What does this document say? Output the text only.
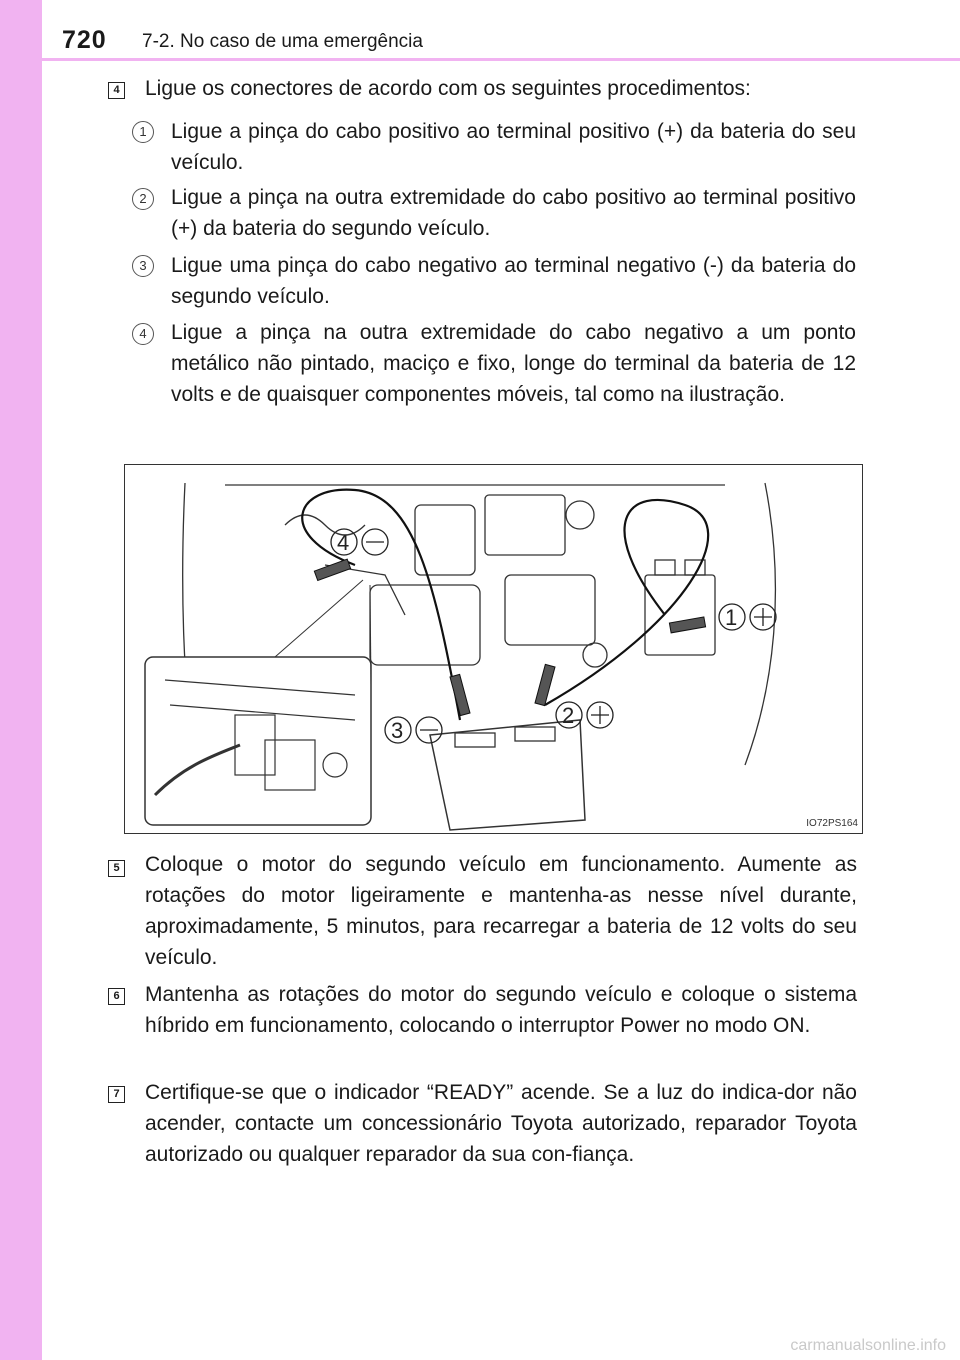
720 7-2. No caso de uma emergência
4 Ligue os conectores de acordo com os seguintes procedimentos:
1	Ligue a pinça do cabo positivo ao terminal positivo (+) da bateria do seu veículo.
2	Ligue a pinça na outra extremidade do cabo positivo ao terminal positivo (+) da bateria do segundo veículo.
3	Ligue uma pinça do cabo negativo ao terminal negativo (-) da bateria do segundo veículo.
4	Ligue a pinça na outra extremidade do cabo negativo a um ponto metálico não pintado, maciço e fixo, longe do terminal da bateria de 12 volts e de quaisquer componentes móveis, tal como na ilustração.
4
1
2
3
IO72PS164
5 Coloque o motor do segundo veículo em funcionamento. Aumente as rotações do motor ligeiramente e mantenha-as nesse nível durante, aproximadamente, 5 minutos, para recarregar a bateria de 12 volts do seu veículo.
6 Mantenha as rotações do motor do segundo veículo e coloque o sistema híbrido em funcionamento, colocando o interruptor Power no modo ON.
7 Certifique-se que o indicador “READY” acende. Se a luz do indica-dor não acender, contacte um concessionário Toyota autorizado, reparador Toyota autorizado ou qualquer reparador da sua con-fiança.
carmanualsonline.info
